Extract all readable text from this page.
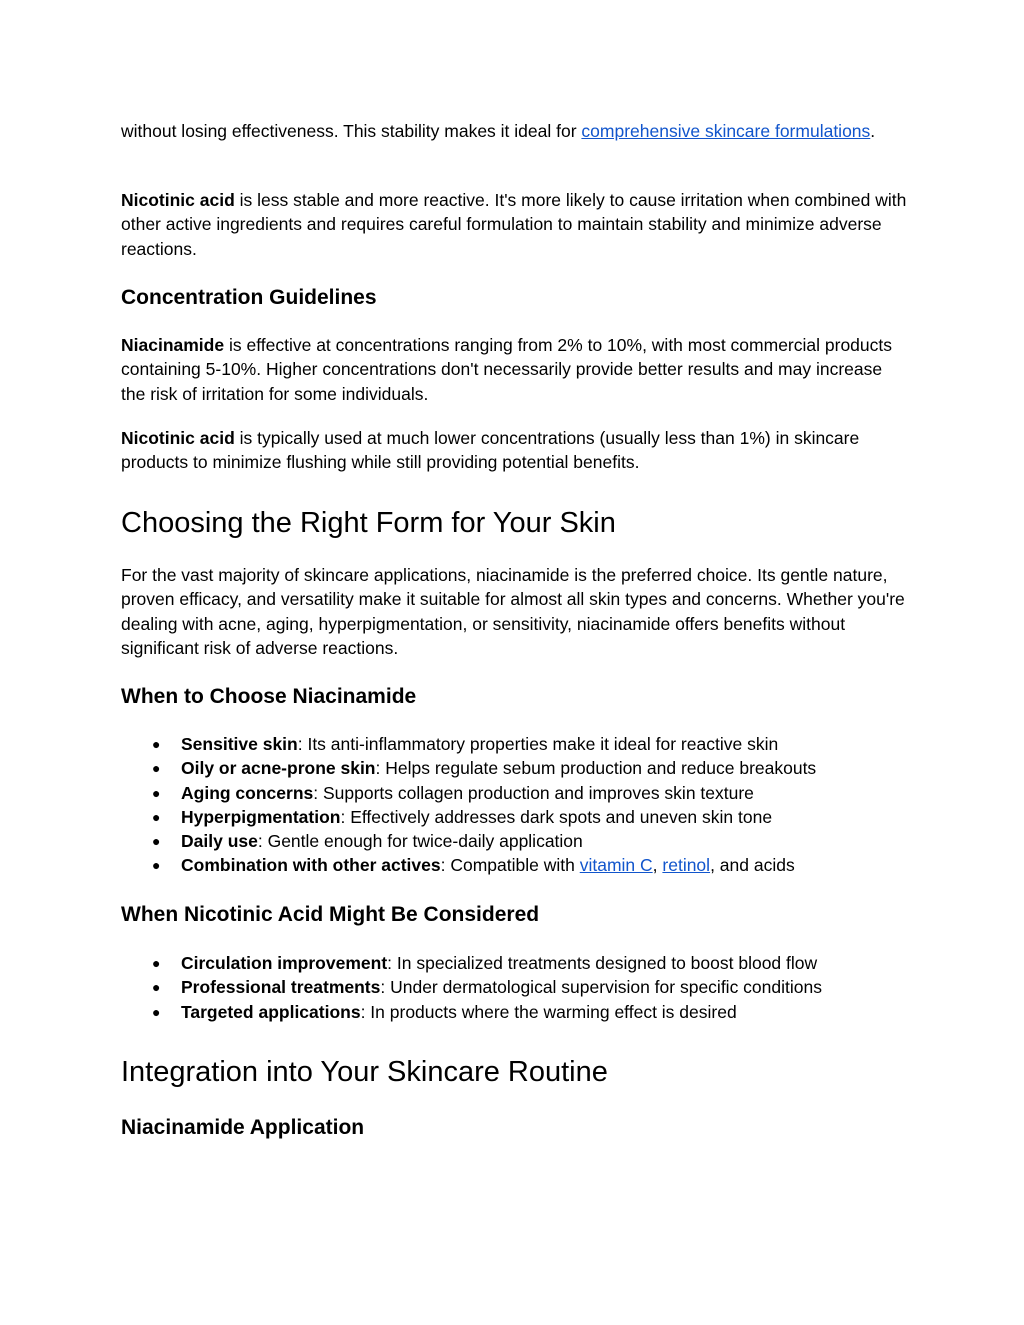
without losing effectiveness. This stability makes it ideal for comprehensive skincare formulations.

Nicotinic acid is less stable and more reactive. It's more likely to cause irritation when combined with other active ingredients and requires careful formulation to maintain stability and minimize adverse reactions.

Concentration Guidelines

Niacinamide is effective at concentrations ranging from 2% to 10%, with most commercial products containing 5-10%. Higher concentrations don't necessarily provide better results and may increase the risk of irritation for some individuals.

Nicotinic acid is typically used at much lower concentrations (usually less than 1%) in skincare products to minimize flushing while still providing potential benefits.

Choosing the Right Form for Your Skin

For the vast majority of skincare applications, niacinamide is the preferred choice. Its gentle nature, proven efficacy, and versatility make it suitable for almost all skin types and concerns. Whether you're dealing with acne, aging, hyperpigmentation, or sensitivity, niacinamide offers benefits without significant risk of adverse reactions.

When to Choose Niacinamide
● Sensitive skin: Its anti-inflammatory properties make it ideal for reactive skin
● Oily or acne-prone skin: Helps regulate sebum production and reduce breakouts
● Aging concerns: Supports collagen production and improves skin texture
● Hyperpigmentation: Effectively addresses dark spots and uneven skin tone
● Daily use: Gentle enough for twice-daily application
● Combination with other actives: Compatible with vitamin C, retinol, and acids
When Nicotinic Acid Might Be Considered
● Circulation improvement: In specialized treatments designed to boost blood flow
● Professional treatments: Under dermatological supervision for specific conditions
● Targeted applications: In products where the warming effect is desired
Integration into Your Skincare Routine
Niacinamide Application
